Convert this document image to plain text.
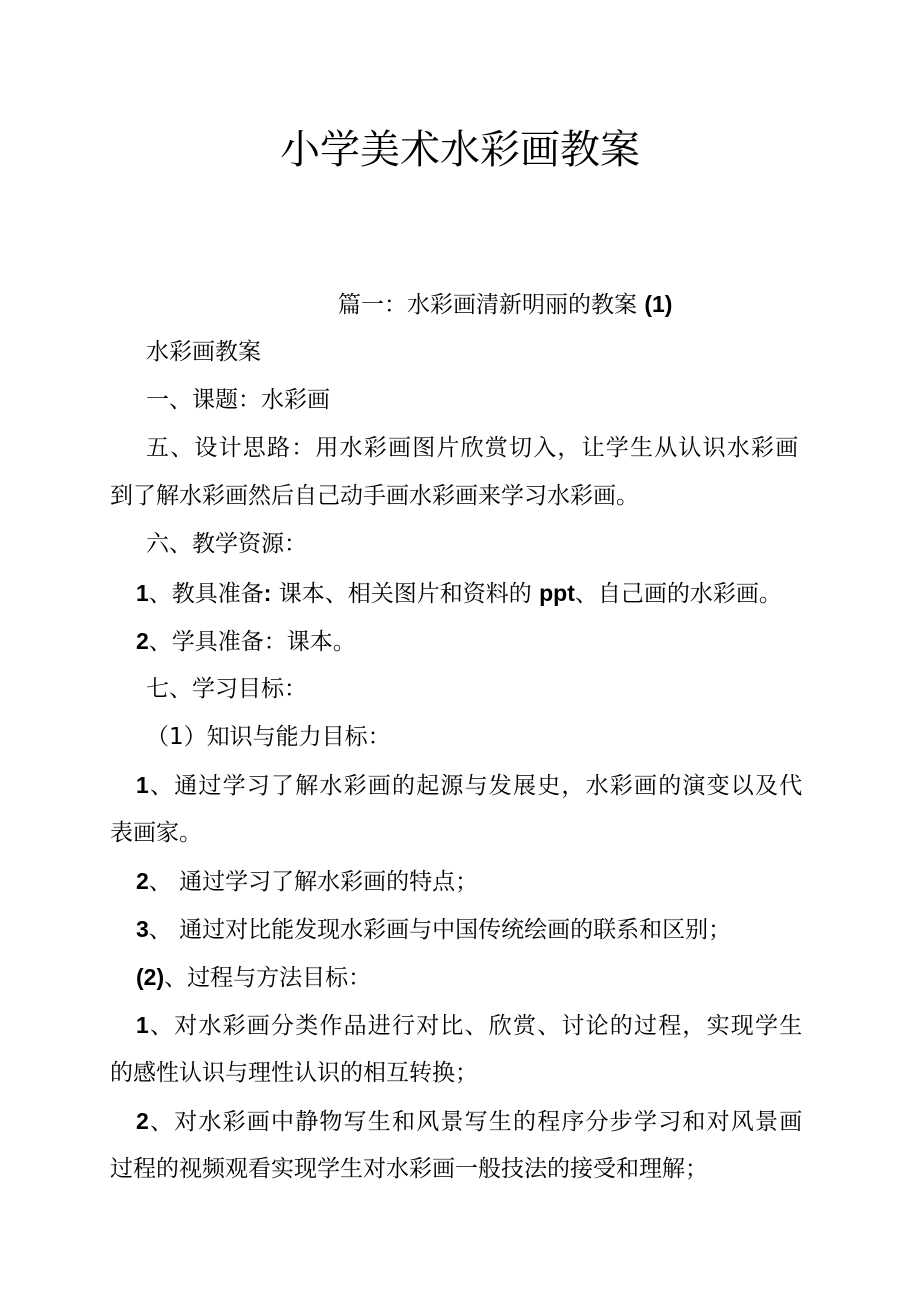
小学美术水彩画教案

篇一：水彩画清新明丽的教案 (1)

水彩画教案

一、课题：水彩画

五、设计思路：用水彩画图片欣赏切入，让学生从认识水彩画

到了解水彩画然后自己动手画水彩画来学习水彩画。

六、教学资源：

1、教具准备: 课本、相关图片和资料的 ppt、自己画的水彩画。

2、学具准备：课本。

七、学习目标：

（1）知识与能力目标：

1、通过学习了解水彩画的起源与发展史，水彩画的演变以及代

表画家。

2、 通过学习了解水彩画的特点；

3、 通过对比能发现水彩画与中国传统绘画的联系和区别；

(2)、过程与方法目标：

1、对水彩画分类作品进行对比、欣赏、讨论的过程，实现学生

的感性认识与理性认识的相互转换；

2、对水彩画中静物写生和风景写生的程序分步学习和对风景画

过程的视频观看实现学生对水彩画一般技法的接受和理解；
